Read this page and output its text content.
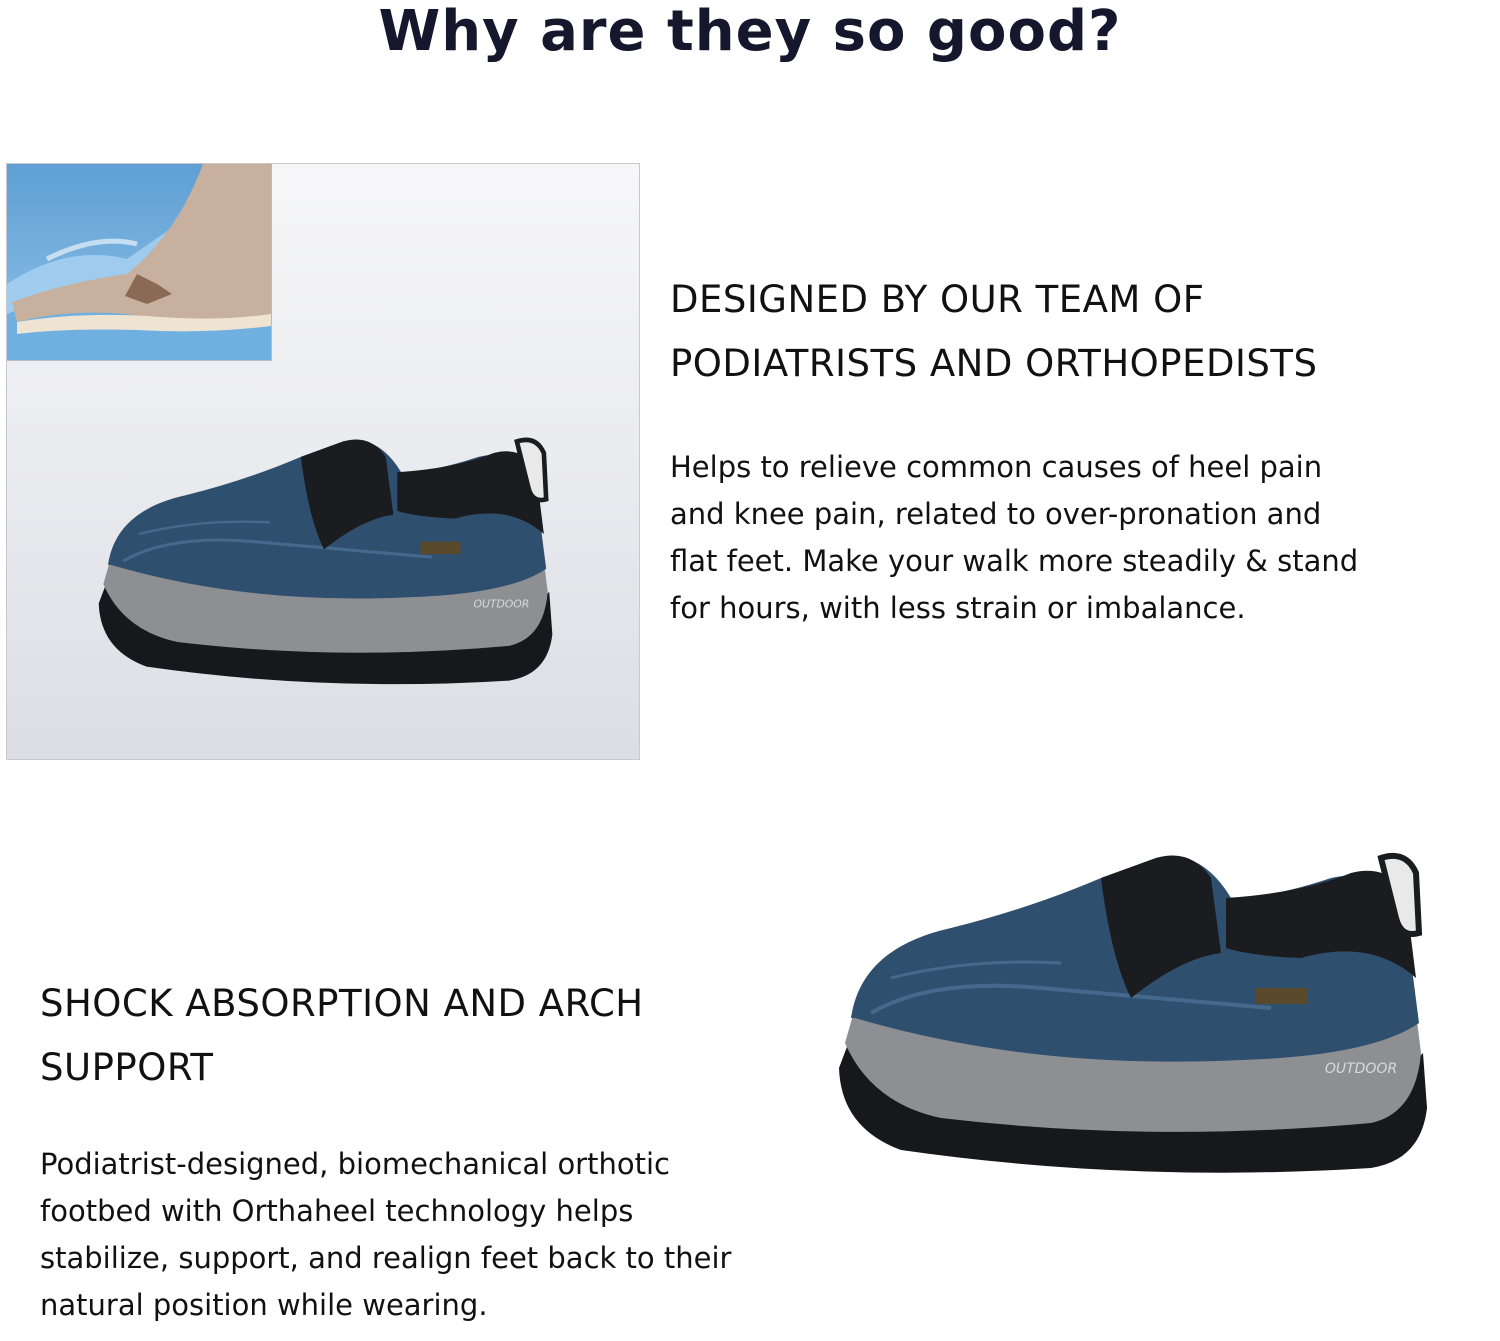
Why are they so good?
OUTDOOR
DESIGNED BY OUR TEAM OF
PODIATRISTS AND ORTHOPEDISTS

Helps to relieve common causes of heel pain
and knee pain, related to over-pronation and
flat feet. Make your walk more steadily & stand
for hours, with less strain or imbalance.

OUTDOOR
SHOCK ABSORPTION AND ARCH
SUPPORT

Podiatrist-designed, biomechanical orthotic
footbed with Orthaheel technology helps
stabilize, support, and realign feet back to their
natural position while wearing.
